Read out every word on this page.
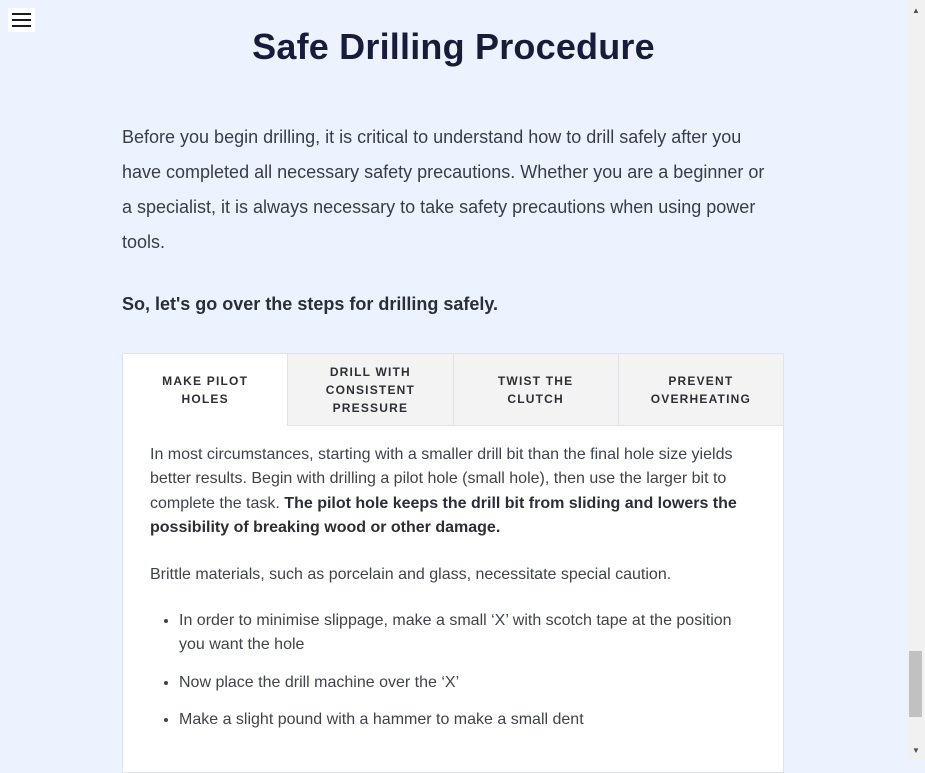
Safe Drilling Procedure

Before you begin drilling, it is critical to understand how to drill safely after you have completed all necessary safety precautions. Whether you are a beginner or a specialist, it is always necessary to take safety precautions when using power tools.

So, let's go over the steps for drilling safely.

MAKE PILOT HOLES
DRILL WITH CONSISTENT PRESSURE
TWIST THE CLUTCH
PREVENT OVERHEATING

In most circumstances, starting with a smaller drill bit than the final hole size yields better results. Begin with drilling a pilot hole (small hole), then use the larger bit to complete the task. The pilot hole keeps the drill bit from sliding and lowers the possibility of breaking wood or other damage.

Brittle materials, such as porcelain and glass, necessitate special caution.

• In order to minimise slippage, make a small ‘X’ with scotch tape at the position you want the hole
• Now place the drill machine over the ‘X’
• Make a slight pound with a hammer to make a small dent
▲
▼
